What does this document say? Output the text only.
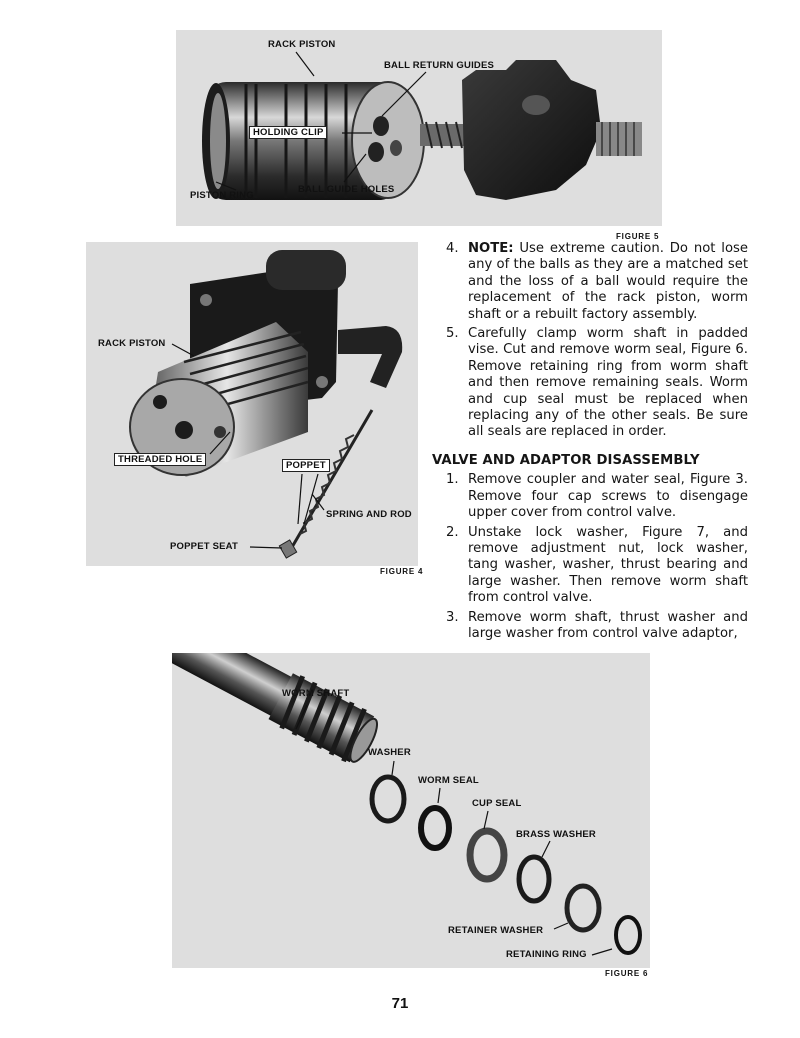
RACK PISTON
BALL RETURN GUIDES
HOLDING CLIP
PISTON RING
BALL GUIDE HOLES
FIGURE 5
RACK PISTON
THREADED HOLE
POPPET
SPRING AND ROD
POPPET SEAT
FIGURE 4
4. NOTE: Use extreme caution. Do not lose any of the balls as they are a matched set and the loss of a ball would require the replacement of the rack piston, worm shaft or a rebuilt factory assembly.
5. Carefully clamp worm shaft in padded vise. Cut and remove worm seal, Figure 6. Remove retaining ring from worm shaft and then remove remaining seals. Worm and cup seal must be replaced when replacing any of the other seals. Be sure all seals are replaced in order.
VALVE AND ADAPTOR DISASSEMBLY
1. Remove coupler and water seal, Figure 3. Remove four cap screws to disengage upper cover from control valve.
2. Unstake lock washer, Figure 7, and remove adjustment nut, lock washer, tang washer, washer, thrust bearing and large washer. Then remove worm shaft from control valve.
3. Remove worm shaft, thrust washer and large washer from control valve adaptor,
WORM SHAFT
WASHER
WORM SEAL
CUP SEAL
BRASS WASHER
RETAINER WASHER
RETAINING RING
FIGURE 6
71
